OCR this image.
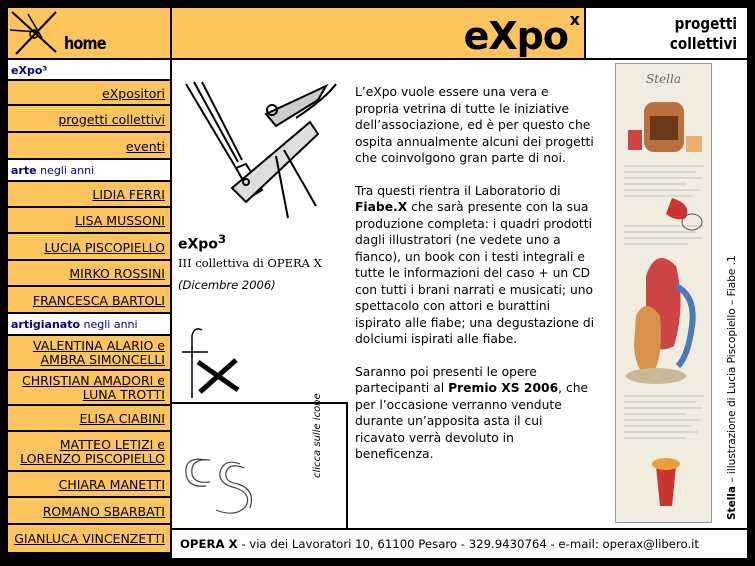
home	eXpo x	progetti
collettivi
eXpo³
eXpositori
progetti collettivi
eventi
arte negli anni
LIDIA FERRI
LISA MUSSONI
LUCIA PISCOPIELLO
MIRKO ROSSINI
FRANCESCA BARTOLI
artigianato negli anni
VALENTINA ALARIO e
AMBRA SIMONCELLI
CHRISTIAN AMADORI e
LUNA TROTTI
ELISA CIABINI
MATTEO LETIZI e
LORENZO PISCOPIELLO
CHIARA MANETTI
ROMANO SBARBATI
GIANLUCA VINCENZETTI
eXpo$^3$
III collettiva di OPERA X
(Dicembre 2006)
clicca sulle icone

L’eXpo vuole essere una vera e propria vetrina di tutte le iniziative dell’associazione, ed è per questo che ospita annualmente alcuni dei progetti che coinvolgono gran parte di noi.

Tra questi rientra il Laboratorio di Fiabe.X che sarà presente con la sua produzione completa: i quadri prodotti dagli illustratori (ne vedete uno a fianco), un book con i testi integrali e tutte le informazioni del caso + un CD con tutti i brani narrati e musicati; uno spettacolo con attori e burattini ispirato alle fiabe; una degustazione di dolciumi ispirati alle fiabe.

Saranno poi presenti le opere partecipanti al Premio XS 2006, che per l’occasione verranno vendute durante un’apposita asta il cui ricavato verrà devoluto in beneficenza.

Stella
Stella – illustrazione di Lucia Piscopiello – Fiabe .1
OPERA X - via dei Lavoratori 10, 61100 Pesaro - 329.9430764 - e-mail: operax@libero.it
